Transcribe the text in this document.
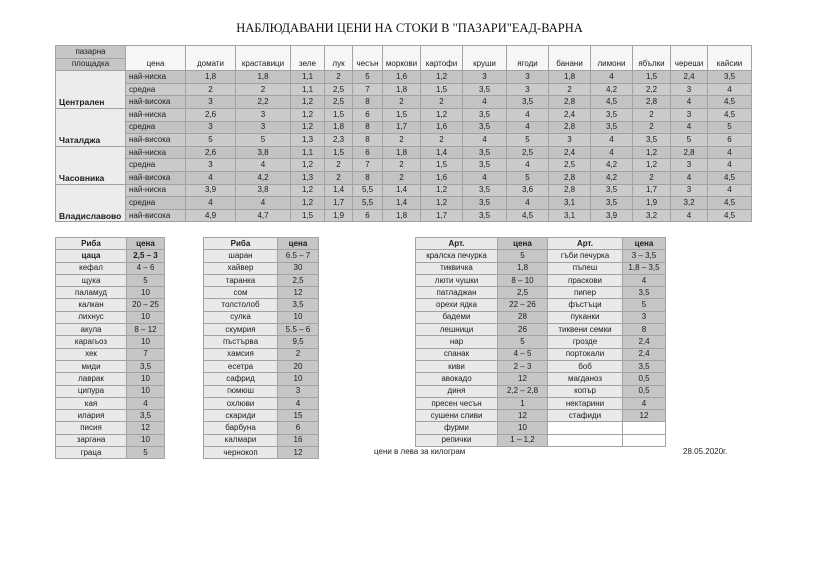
НАБЛЮДАВАНИ ЦЕНИ НА СТОКИ В "ПАЗАРИ"ЕАД-ВАРНА
пазарна	цена	домати	краставици	зеле	лук	чесън	моркови	картофи	круши	ягоди	банани	лимони	ябълки	череши	кайсии
площадка															
Централен	най-ниска	1,8	1,8	1,1	2	5	1,6	1,2	3	3	1,8	4	1,5	2,4	3,5
	средна	2	2	1,1	2,5	7	1,8	1,5	3,5	3	2	4,2	2,2	3	4
	най-висока	3	2,2	1,2	2,5	8	2	2	4	3,5	2,8	4,5	2,8	4	4,5
Чаталджа	най-ниска	2,6	3	1,2	1,5	6	1,5	1,2	3,5	4	2,4	3,5	2	3	4,5
	средна	3	3	1,2	1,8	8	1,7	1,6	3,5	4	2,8	3,5	2	4	5
	най-висока	5	5	1,3	2,3	8	2	2	4	5	3	4	3,5	5	6
Часовника	най-ниска	2,6	3,8	1,1	1,5	6	1,8	1,4	3,5	2,5	2,4	4	1,2	2,8	4
	средна	3	4	1,2	2	7	2	1,5	3,5	4	2,5	4,2	1,2	3	4
	най-висока	4	4,2	1,3	2	8	2	1,6	4	5	2,8	4,2	2	4	4,5
Владиславово	най-ниска	3,9	3,8	1,2	1,4	5,5	1,4	1,2	3,5	3,6	2,8	3,5	1,7	3	4
	средна	4	4	1,2	1,7	5,5	1,4	1,2	3,5	4	3,1	3,5	1,9	3,2	4,5
	най-висока	4,9	4,7	1,5	1,9	6	1,8	1,7	3,5	4,5	3,1	3,9	3,2	4	4,5
Риба	цена
цаца	2,5 – 3
кефал	4 – 6
щука	5
паламуд	10
калкан	20 – 25
лихнус	10
акула	8 – 12
карагьоз	10
хек	7
миди	3,5
лаврак	10
ципура	10
кая	4
илария	3,5
писия	12
заргана	10
граца	5
Риба	цена
шаран	6.5 – 7
хайвер	30
таранка	2,5
сом	12
толстолоб	3,5
сулка	10
скумрия	5.5 – 6
пъстърва	9,5
хамсия	2
есетра	20
сафрид	10
гюмюш	3
охлюви	4
скариди	15
барбуна	6
калмари	16
чернокоп	12
Арт.	цена	Арт.	цена
кралска печурка	5	гъби печурка	3 – 3,5
тиквичка	1,8	пъпеш	1,8 – 3,5
люти чушки	8 – 10	праскови	4
патладжан	2,5	пипер	3,5
орехи ядка	22 – 26	фъстъци	5
бадеми	28	пуканки	3
лешници	26	тиквени семки	8
нар	5	грозде	2,4
спанак	4 – 5	портокали	2,4
киви	2 – 3	боб	3,5
авокадо	12	магданоз	0,5
диня	2,2 – 2,8	копър	0,5
пресен чесън	1	нектарини	4
сушени сливи	12	стафиди	12
фурми	10		
репички	1 – 1,2		
цени в лева за килограм	28.05.2020г.
